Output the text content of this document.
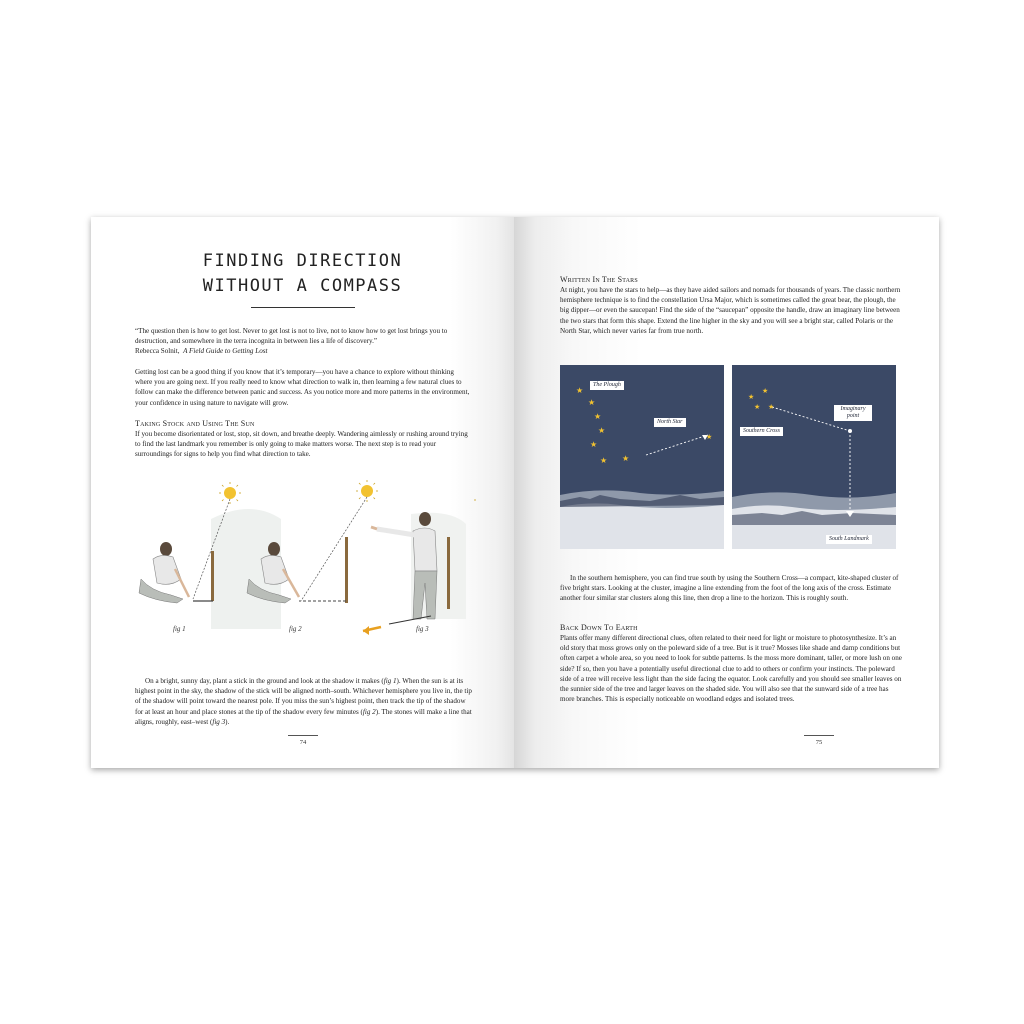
FINDING DIRECTION
WITHOUT A COMPASS

“The question then is how to get lost. Never to get lost is not to live, not to know how to get lost brings you to destruction, and somewhere in the terra incognita in between lies a life of discovery.”

Rebecca Solnit, A Field Guide to Getting Lost

Getting lost can be a good thing if you know that it’s temporary—you have a chance to explore without thinking where you are going next. If you really need to know what direction to walk in, then learning a few natural clues to follow can make the difference between panic and success. As you notice more and more patterns in the environment, your confidence in using nature to navigate will grow.
Taking Stock and Using The Sun
If you become disorientated or lost, stop, sit down, and breathe deeply. Wandering aimlessly or rushing around trying to find the last landmark you remember is only going to make matters worse. The next step is to read your surroundings for signs to help you find what direction to take.
fig 1	fig 2	fig 3
On a bright, sunny day, plant a stick in the ground and look at the shadow it makes (fig 1). When the sun is at its highest point in the sky, the shadow of the stick will be aligned north–south. Whichever hemisphere you live in, the tip of the shadow will point toward the nearest pole. If you miss the sun’s highest point, then track the tip of the shadow for at least an hour and place stones at the tip of the shadow every few minutes (fig 2). The stones will make a line that aligns, roughly, east–west (fig 3).
74
Written In The Stars
At night, you have the stars to help—as they have aided sailors and nomads for thousands of years. The classic northern hemisphere technique is to find the constellation Ursa Major, which is sometimes called the great bear, the plough, the big dipper—or even the saucepan! Find the side of the “saucepan” opposite the handle, draw an imaginary line between the two stars that form this shape. Extend the line higher in the sky and you will see a bright star, called Polaris or the North Star, which never varies far from true north.
★
★
★
★
★
★ ★
★
The Plough
North Star
★
★
★ ★
Southern Cross
Imaginary point
South Landmark
In the southern hemisphere, you can find true south by using the Southern Cross—a compact, kite-shaped cluster of five bright stars. Looking at the cluster, imagine a line extending from the foot of the long axis of the cross. Estimate another four similar star clusters along this line, then drop a line to the horizon. This is roughly south.
Back Down To Earth
Plants offer many different directional clues, often related to their need for light or moisture to photosynthesize. It’s an old story that moss grows only on the poleward side of a tree. But is it true? Mosses like shade and damp conditions but often carpet a whole area, so you need to look for subtle patterns. Is the moss more dominant, taller, or more lush on one side? If so, then you have a potentially useful directional clue to add to others or confirm your instincts. The poleward side of a tree will receive less light than the side facing the equator. Look carefully and you should see smaller leaves on the sunnier side of the tree and larger leaves on the shaded side. You will also see that the sunward side of a tree has more branches. This is especially noticeable on woodland edges and isolated trees.
75
